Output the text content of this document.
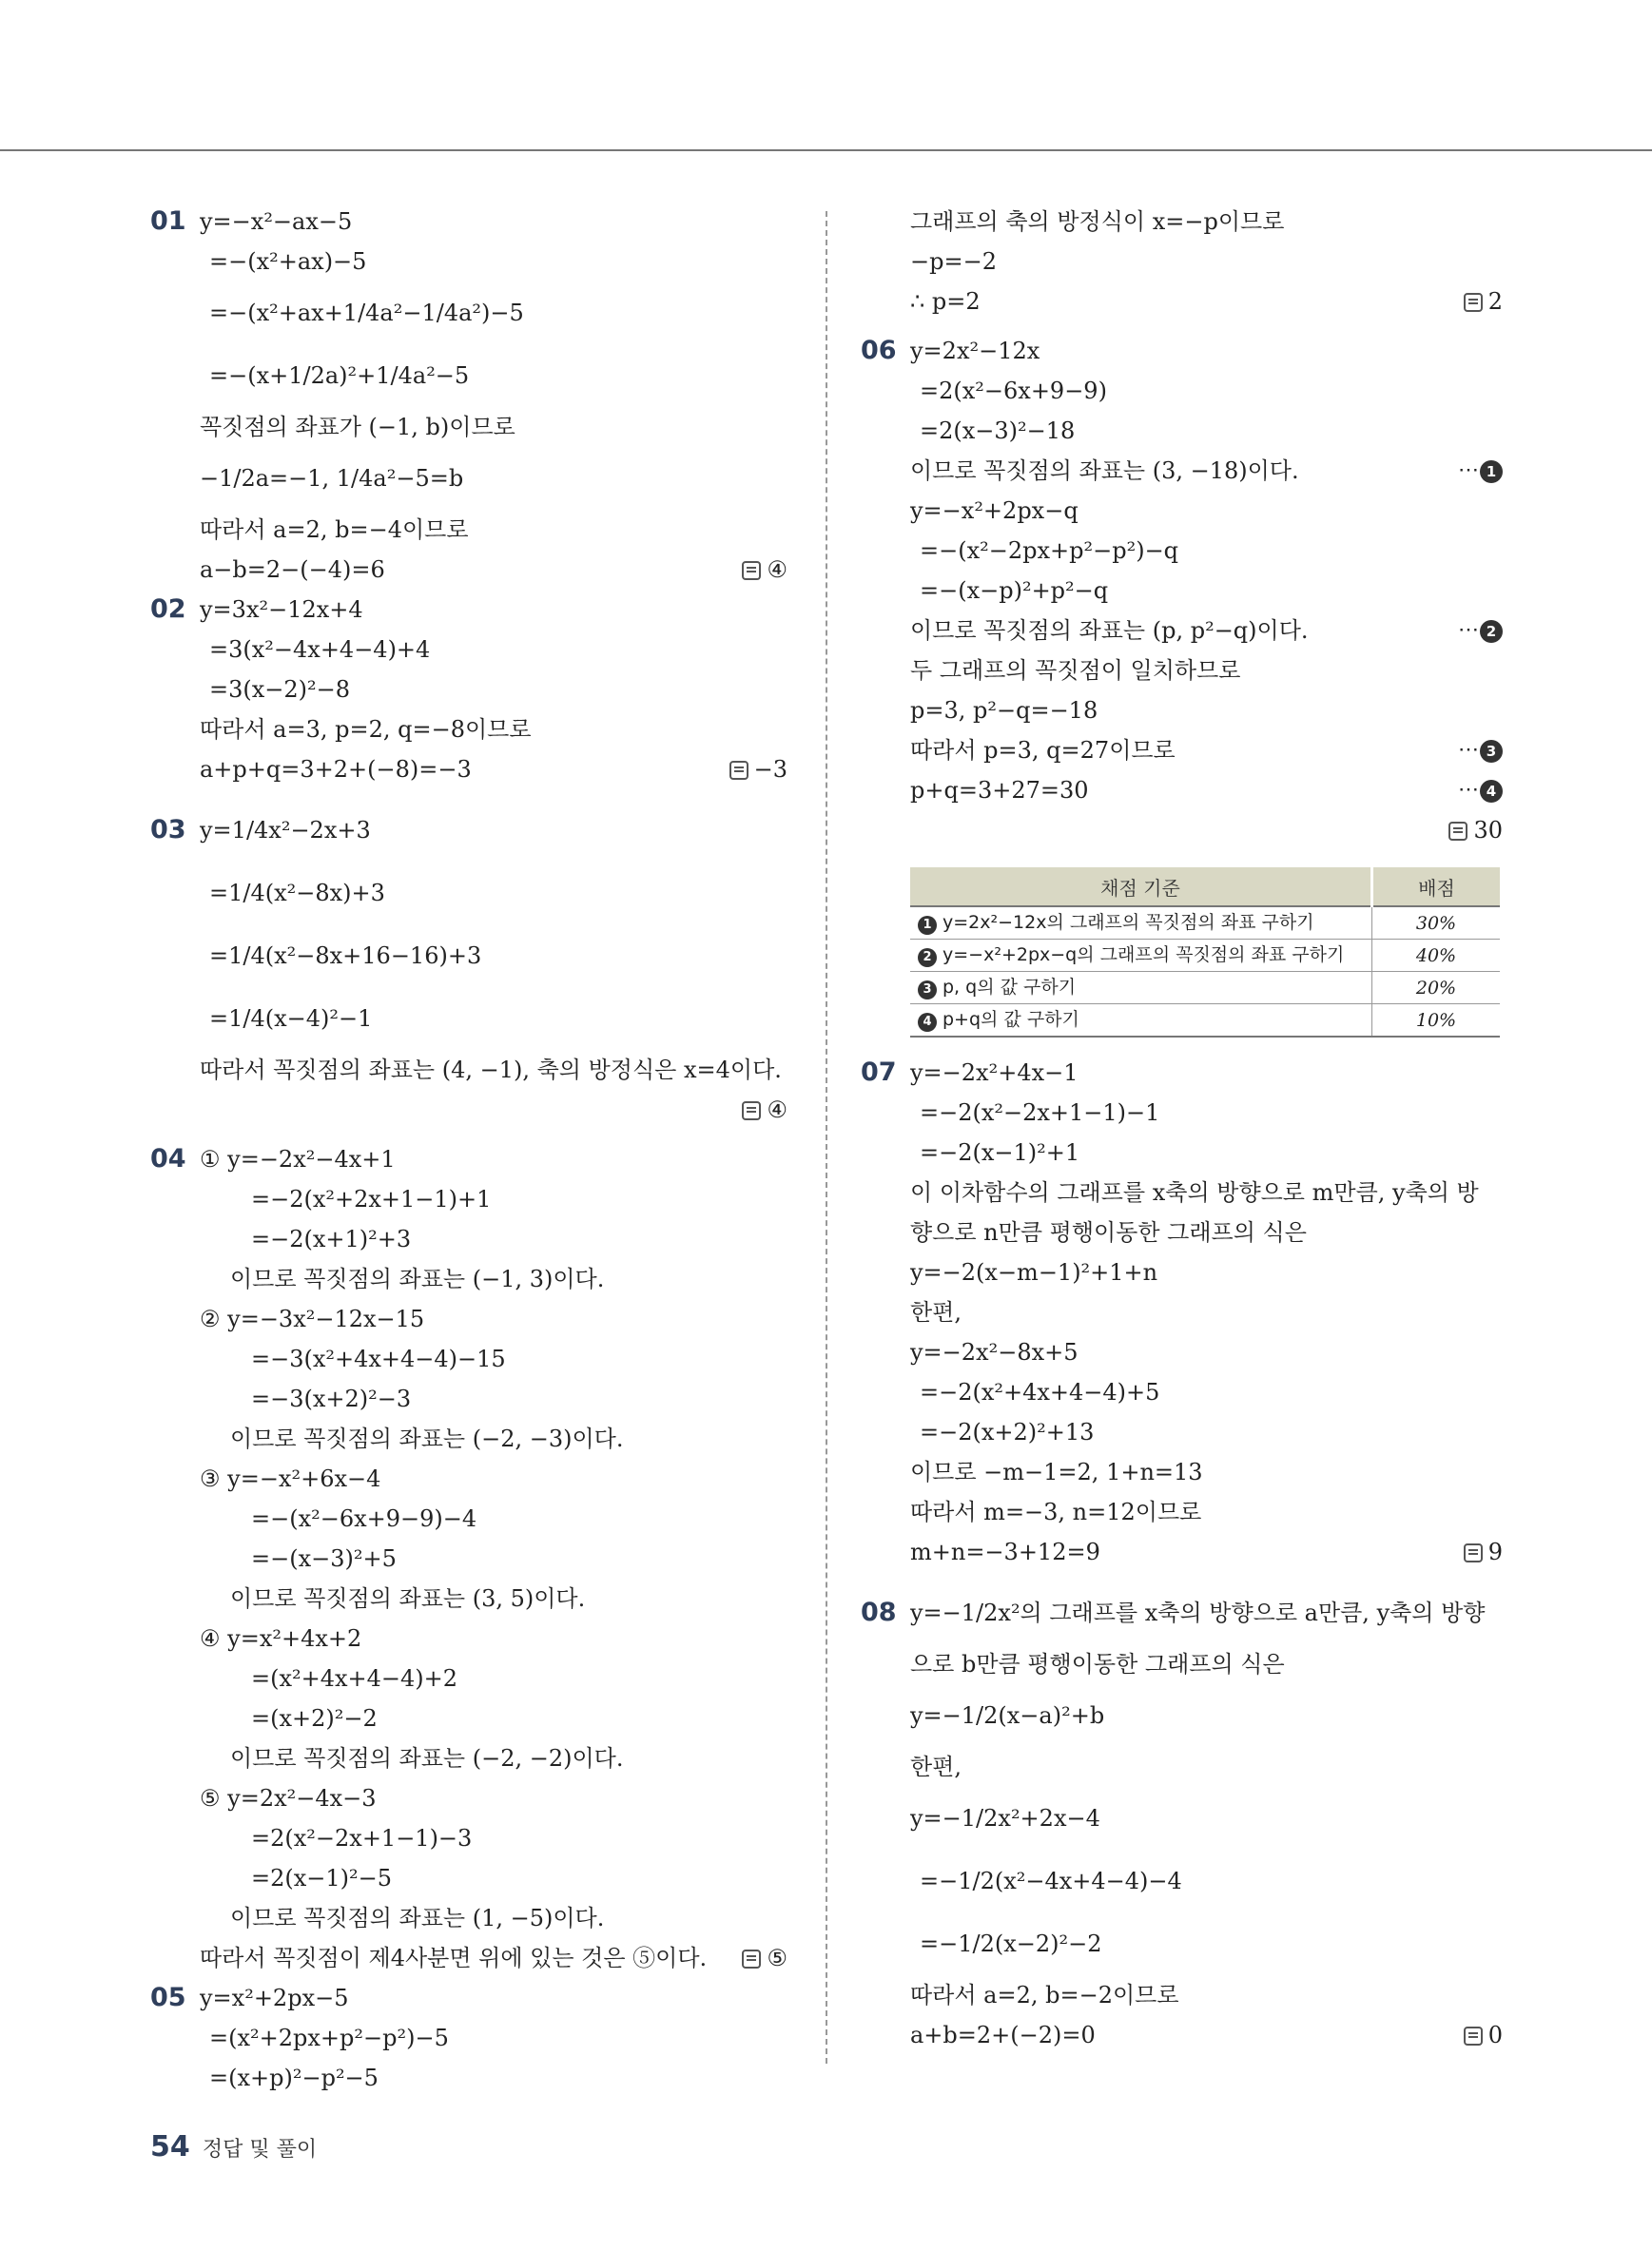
01 y=−x²−ax−5
=−(x²+ax)−5
=−(x²+ax+1/4a²−1/4a²)−5
=−(x+1/2a)²+1/4a²−5
꼭짓점의 좌표가 (−1, b)이므로
−1/2a=−1, 1/4a²−5=b
따라서 a=2, b=−4이므로
a−b=2−(−4)=6	④
02 y=3x²−12x+4
=3(x²−4x+4−4)+4
=3(x−2)²−8
따라서 a=3, p=2, q=−8이므로
a+p+q=3+2+(−8)=−3	−3
03 y=1/4x²−2x+3
=1/4(x²−8x)+3
=1/4(x²−8x+16−16)+3
=1/4(x−4)²−1
따라서 꼭짓점의 좌표는 (4, −1), 축의 방정식은 x=4이다.
④
04 ① y=−2x²−4x+1
=−2(x²+2x+1−1)+1
=−2(x+1)²+3
이므로 꼭짓점의 좌표는 (−1, 3)이다.
② y=−3x²−12x−15
=−3(x²+4x+4−4)−15
=−3(x+2)²−3
이므로 꼭짓점의 좌표는 (−2, −3)이다.
③ y=−x²+6x−4
=−(x²−6x+9−9)−4
=−(x−3)²+5
이므로 꼭짓점의 좌표는 (3, 5)이다.
④ y=x²+4x+2
=(x²+4x+4−4)+2
=(x+2)²−2
이므로 꼭짓점의 좌표는 (−2, −2)이다.
⑤ y=2x²−4x−3
=2(x²−2x+1−1)−3
=2(x−1)²−5
이므로 꼭짓점의 좌표는 (1, −5)이다.
따라서 꼭짓점이 제4사분면 위에 있는 것은 ⑤이다.	⑤
05 y=x²+2px−5
=(x²+2px+p²−p²)−5
=(x+p)²−p²−5
그래프의 축의 방정식이 x=−p이므로
−p=−2
∴ p=2	2
06 y=2x²−12x
=2(x²−6x+9−9)
=2(x−3)²−18
이므로 꼭짓점의 좌표는 (3, −18)이다.	⋯ 1
y=−x²+2px−q
=−(x²−2px+p²−p²)−q
=−(x−p)²+p²−q
이므로 꼭짓점의 좌표는 (p, p²−q)이다.	⋯ 2
두 그래프의 꼭짓점이 일치하므로
p=3, p²−q=−18
따라서 p=3, q=27이므로	⋯ 3
p+q=3+27=30	⋯ 4
30
채점 기준	배점
1 y=2x²−12x의 그래프의 꼭짓점의 좌표 구하기	30%
2 y=−x²+2px−q의 그래프의 꼭짓점의 좌표 구하기	40%
3 p, q의 값 구하기	20%
4 p+q의 값 구하기	10%
07 y=−2x²+4x−1
=−2(x²−2x+1−1)−1
=−2(x−1)²+1
이 이차함수의 그래프를 x축의 방향으로 m만큼, y축의 방
향으로 n만큼 평행이동한 그래프의 식은
y=−2(x−m−1)²+1+n
한편,
y=−2x²−8x+5
=−2(x²+4x+4−4)+5
=−2(x+2)²+13
이므로 −m−1=2, 1+n=13
따라서 m=−3, n=12이므로
m+n=−3+12=9	9
08 y=−1/2x²의 그래프를 x축의 방향으로 a만큼, y축의 방향
으로 b만큼 평행이동한 그래프의 식은
y=−1/2(x−a)²+b
한편,
y=−1/2x²+2x−4
=−1/2(x²−4x+4−4)−4
=−1/2(x−2)²−2
따라서 a=2, b=−2이므로
a+b=2+(−2)=0	0
54 정답 및 풀이
